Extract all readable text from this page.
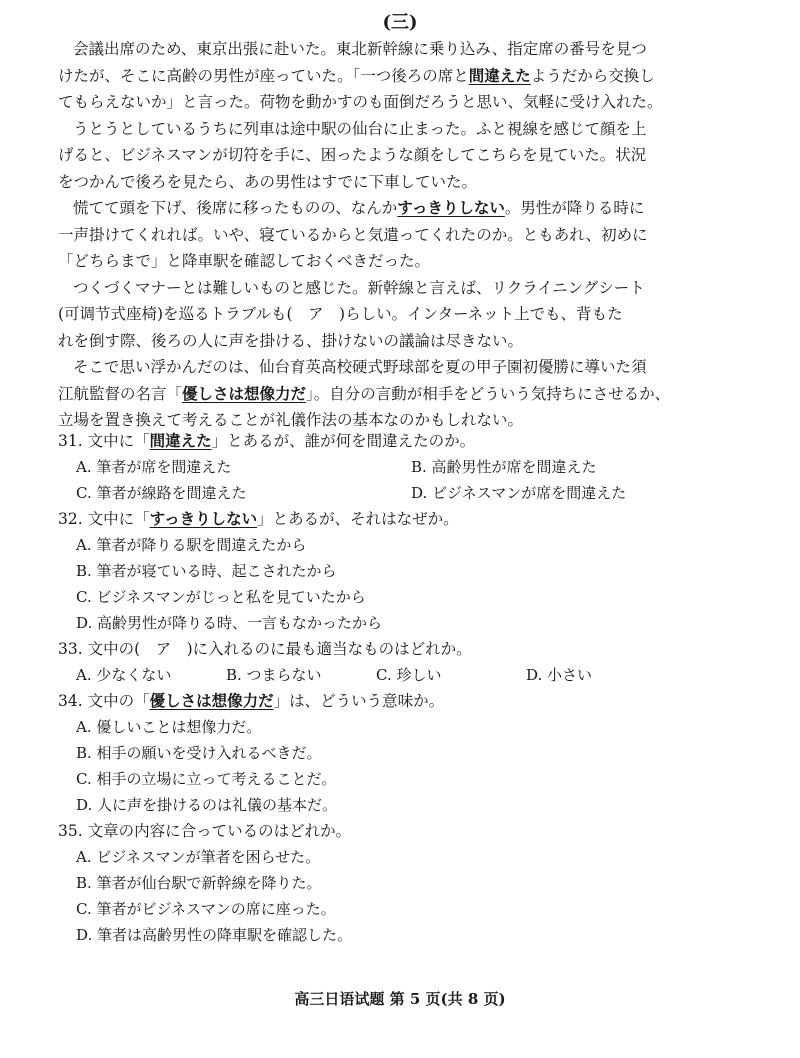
(三)
会議出席のため、東京出張に赴いた。東北新幹線に乗り込み、指定席の番号を見つ
けたが、そこに高齢の男性が座っていた。「一つ後ろの席と間違えたようだから交換し
てもらえないか」と言った。荷物を動かすのも面倒だろうと思い、気軽に受け入れた。
うとうとしているうちに列車は途中駅の仙台に止まった。ふと視線を感じて顔を上
げると、ビジネスマンが切符を手に、困ったような顔をしてこちらを見ていた。状況
をつかんで後ろを見たら、あの男性はすでに下車していた。
慌てて頭を下げ、後席に移ったものの、なんかすっきりしない。男性が降りる時に
一声掛けてくれれば。いや、寝ているからと気遣ってくれたのか。ともあれ、初めに
「どちらまで」と降車駅を確認しておくべきだった。
つくづくマナーとは難しいものと感じた。新幹線と言えば、リクライニングシート
(可调节式座椅)を巡るトラブルも(　ア　)らしい。インターネット上でも、背もた
れを倒す際、後ろの人に声を掛ける、掛けないの議論は尽きない。
そこで思い浮かんだのは、仙台育英高校硬式野球部を夏の甲子園初優勝に導いた須
江航監督の名言「優しさは想像力だ」。自分の言動が相手をどういう気持ちにさせるか、
立場を置き換えて考えることが礼儀作法の基本なのかもしれない。
31. 文中に「間違えた」とあるが、誰が何を間違えたのか。
A. 筆者が席を間違えた	B. 高齢男性が席を間違えた
C. 筆者が線路を間違えた	D. ビジネスマンが席を間違えた
32. 文中に「すっきりしない」とあるが、それはなぜか。
A. 筆者が降りる駅を間違えたから
B. 筆者が寝ている時、起こされたから
C. ビジネスマンがじっと私を見ていたから
D. 高齢男性が降りる時、一言もなかったから
33. 文中の(　ア　)に入れるのに最も適当なものはどれか。
A. 少なくない	B. つまらない	C. 珍しい	D. 小さい
34. 文中の「優しさは想像力だ」は、どういう意味か。
A. 優しいことは想像力だ。
B. 相手の願いを受け入れるべきだ。
C. 相手の立場に立って考えることだ。
D. 人に声を掛けるのは礼儀の基本だ。
35. 文章の内容に合っているのはどれか。
A. ビジネスマンが筆者を困らせた。
B. 筆者が仙台駅で新幹線を降りた。
C. 筆者がビジネスマンの席に座った。
D. 筆者は高齢男性の降車駅を確認した。
高三日语试题 第 5 页(共 8 页)
